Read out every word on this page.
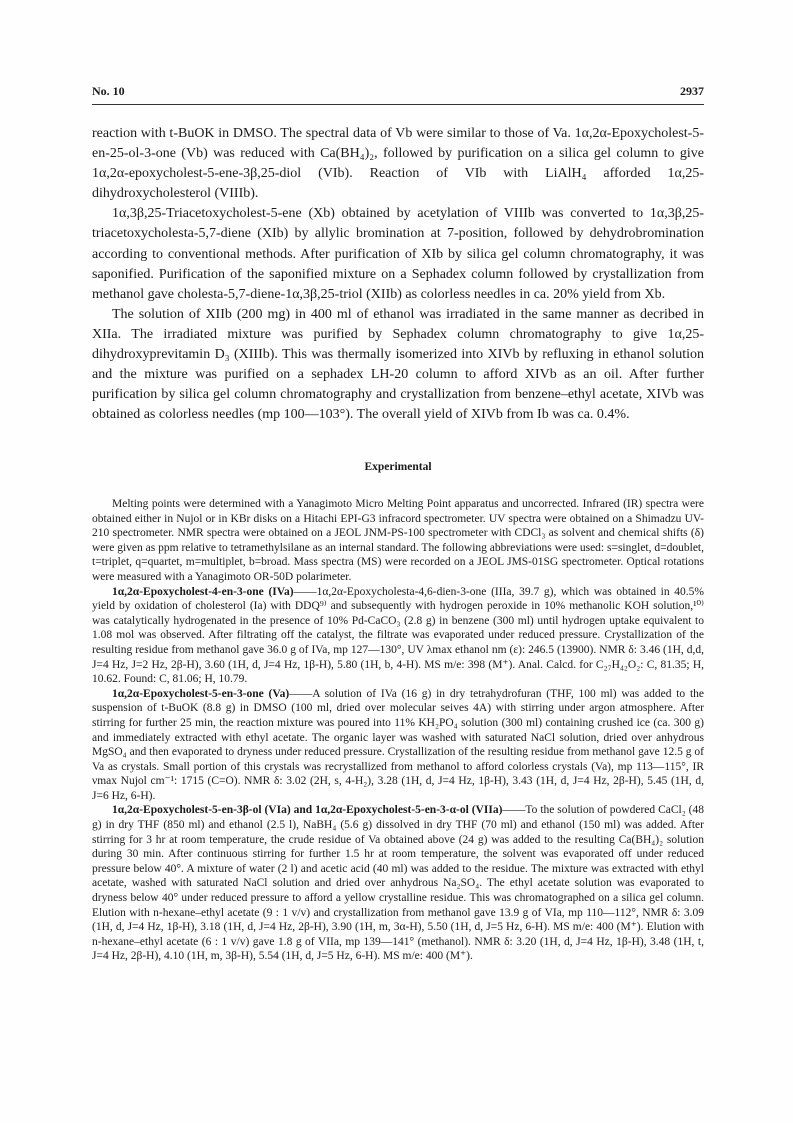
No. 10	2937

reaction with t-BuOK in DMSO. The spectral data of Vb were similar to those of Va. 1α,2α-Epoxycholest-5-en-25-ol-3-one (Vb) was reduced with Ca(BH₄)₂, followed by purification on a silica gel column to give 1α,2α-epoxycholest-5-ene-3β,25-diol (VIb). Reaction of VIb with LiAlH₄ afforded 1α,25-dihydroxycholesterol (VIIIb).

1α,3β,25-Triacetoxycholest-5-ene (Xb) obtained by acetylation of VIIIb was converted to 1α,3β,25-triacetoxycholesta-5,7-diene (XIb) by allylic bromination at 7-position, followed by dehydrobromination according to conventional methods. After purification of XIb by silica gel column chromatography, it was saponified. Purification of the saponified mixture on a Sephadex column followed by crystallization from methanol gave cholesta-5,7-diene-1α,3β,25-triol (XIIb) as colorless needles in ca. 20% yield from Xb.

The solution of XIIb (200 mg) in 400 ml of ethanol was irradiated in the same manner as decribed in XIIa. The irradiated mixture was purified by Sephadex column chromatography to give 1α,25-dihydroxyprevitamin D₃ (XIIIb). This was thermally isomerized into XIVb by refluxing in ethanol solution and the mixture was purified on a sephadex LH-20 column to afford XIVb as an oil. After further purification by silica gel column chromatography and crystallization from benzene–ethyl acetate, XIVb was obtained as colorless needles (mp 100—103°). The overall yield of XIVb from Ib was ca. 0.4%.

Experimental

Melting points were determined with a Yanagimoto Micro Melting Point apparatus and uncorrected. Infrared (IR) spectra were obtained either in Nujol or in KBr disks on a Hitachi EPI-G3 infracord spectrometer. UV spectra were obtained on a Shimadzu UV-210 spectrometer. NMR spectra were obtained on a JEOL JNM-PS-100 spectrometer with CDCl₃ as solvent and chemical shifts (δ) were given as ppm relative to tetramethylsilane as an internal standard. The following abbreviations were used: s=singlet, d=doublet, t=triplet, q=quartet, m=multiplet, b=broad. Mass spectra (MS) were recorded on a JEOL JMS-01SG spectrometer. Optical rotations were measured with a Yanagimoto OR-50D polarimeter.

1α,2α-Epoxycholest-4-en-3-one (IVa)——1α,2α-Epoxycholesta-4,6-dien-3-one (IIIa, 39.7 g), which was obtained in 40.5% yield by oxidation of cholesterol (Ia) with DDQ⁹⁾ and subsequently with hydrogen peroxide in 10% methanolic KOH solution,¹⁰⁾ was catalytically hydrogenated in the presence of 10% Pd-CaCO₃ (2.8 g) in benzene (300 ml) until hydrogen uptake equivalent to 1.08 mol was observed. After filtrating off the catalyst, the filtrate was evaporated under reduced pressure. Crystallization of the resulting residue from methanol gave 36.0 g of IVa, mp 127—130°, UV λmax ethanol nm (ε): 246.5 (13900). NMR δ: 3.46 (1H, d,d, J=4 Hz, J=2 Hz, 2β-H), 3.60 (1H, d, J=4 Hz, 1β-H), 5.80 (1H, b, 4-H). MS m/e: 398 (M⁺). Anal. Calcd. for C₂₇H₄₂O₂: C, 81.35; H, 10.62. Found: C, 81.06; H, 10.79.

1α,2α-Epoxycholest-5-en-3-one (Va)——A solution of IVa (16 g) in dry tetrahydrofuran (THF, 100 ml) was added to the suspension of t-BuOK (8.8 g) in DMSO (100 ml, dried over molecular seives 4A) with stirring under argon atmosphere. After stirring for further 25 min, the reaction mixture was poured into 11% KH₂PO₄ solution (300 ml) containing crushed ice (ca. 300 g) and immediately extracted with ethyl acetate. The organic layer was washed with saturated NaCl solution, dried over anhydrous MgSO₄ and then evaporated to dryness under reduced pressure. Crystallization of the resulting residue from methanol gave 12.5 g of Va as crystals. Small portion of this crystals was recrystallized from methanol to afford colorless crystals (Va), mp 113—115°, IR νmax Nujol cm⁻¹: 1715 (C=O). NMR δ: 3.02 (2H, s, 4-H₂), 3.28 (1H, d, J=4 Hz, 1β-H), 3.43 (1H, d, J=4 Hz, 2β-H), 5.45 (1H, d, J=6 Hz, 6-H).

1α,2α-Epoxycholest-5-en-3β-ol (VIa) and 1α,2α-Epoxycholest-5-en-3-α-ol (VIIa)——To the solution of powdered CaCl₂ (48 g) in dry THF (850 ml) and ethanol (2.5 l), NaBH₄ (5.6 g) dissolved in dry THF (70 ml) and ethanol (150 ml) was added. After stirring for 3 hr at room temperature, the crude residue of Va obtained above (24 g) was added to the resulting Ca(BH₄)₂ solution during 30 min. After continuous stirring for further 1.5 hr at room temperature, the solvent was evaporated off under reduced pressure below 40°. A mixture of water (2 l) and acetic acid (40 ml) was added to the residue. The mixture was extracted with ethyl acetate, washed with saturated NaCl solution and dried over anhydrous Na₂SO₄. The ethyl acetate solution was evaporated to dryness below 40° under reduced pressure to afford a yellow crystalline residue. This was chromatographed on a silica gel column. Elution with n-hexane–ethyl acetate (9 : 1 v/v) and crystallization from methanol gave 13.9 g of VIa, mp 110—112°, NMR δ: 3.09 (1H, d, J=4 Hz, 1β-H), 3.18 (1H, d, J=4 Hz, 2β-H), 3.90 (1H, m, 3α-H), 5.50 (1H, d, J=5 Hz, 6-H). MS m/e: 400 (M⁺). Elution with n-hexane–ethyl acetate (6 : 1 v/v) gave 1.8 g of VIIa, mp 139—141° (methanol). NMR δ: 3.20 (1H, d, J=4 Hz, 1β-H), 3.48 (1H, t, J=4 Hz, 2β-H), 4.10 (1H, m, 3β-H), 5.54 (1H, d, J=5 Hz, 6-H). MS m/e: 400 (M⁺).
